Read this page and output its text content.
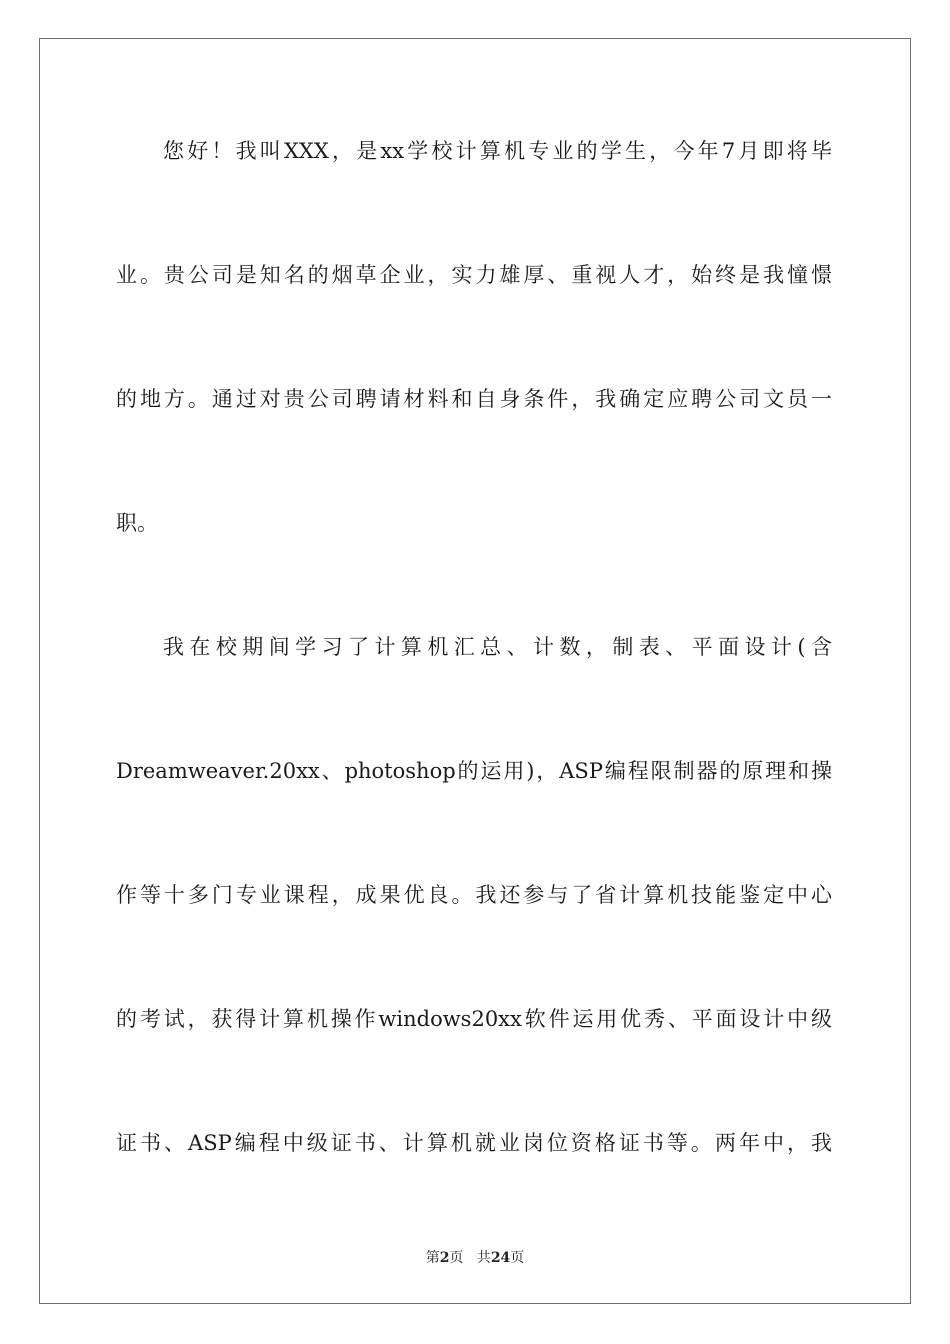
您好！我叫XXX，是xx学校计算机专业的学生，今年7月即将毕
业。贵公司是知名的烟草企业，实力雄厚、重视人才，始终是我憧憬
的地方。通过对贵公司聘请材料和自身条件，我确定应聘公司文员一
职。
我在校期间学习了计算机汇总、计数，制表、平面设计(含
Dreamweaver.20xx、photoshop的运用)，ASP编程限制器的原理和操
作等十多门专业课程，成果优良。我还参与了省计算机技能鉴定中心
的考试，获得计算机操作windows20xx软件运用优秀、平面设计中级
证书、ASP编程中级证书、计算机就业岗位资格证书等。两年中，我
第2页 共24页
